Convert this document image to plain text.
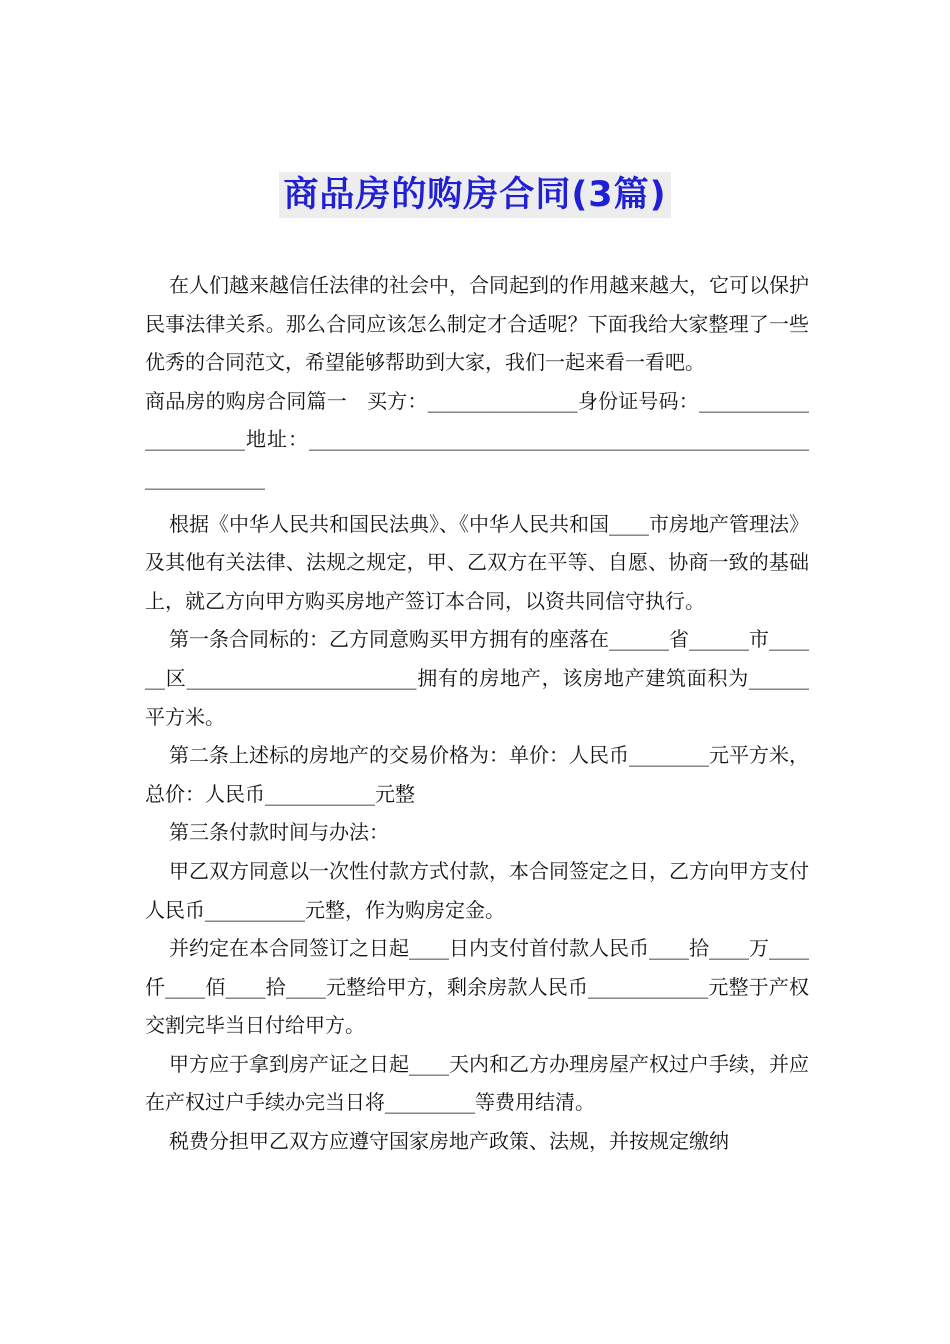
商品房的购房合同(3篇)

在人们越来越信任法律的社会中，合同起到的作用越来越大，它可以保护民事法律关系。那么合同应该怎么制定才合适呢？下面我给大家整理了一些优秀的合同范文，希望能够帮助到大家，我们一起来看一看吧。

商品房的购房合同篇一　买方：_______________身份证号码：_____________________地址：______________________________________________________________

根据《中华人民共和国民法典》、《中华人民共和国____市房地产管理法》及其他有关法律、法规之规定，甲、乙双方在平等、自愿、协商一致的基础上，就乙方向甲方购买房地产签订本合同，以资共同信守执行。

第一条合同标的：乙方同意购买甲方拥有的座落在______省______市______区_______________________拥有的房地产，该房地产建筑面积为______平方米。

第二条上述标的房地产的交易价格为：单价：人民币________元平方米，总价：人民币___________元整

第三条付款时间与办法：

甲乙双方同意以一次性付款方式付款，本合同签定之日，乙方向甲方支付人民币__________元整，作为购房定金。

并约定在本合同签订之日起____日内支付首付款人民币____拾____万____仟____佰____拾____元整给甲方，剩余房款人民币____________元整于产权交割完毕当日付给甲方。

甲方应于拿到房产证之日起____天内和乙方办理房屋产权过户手续，并应在产权过户手续办完当日将_________等费用结清。

税费分担甲乙双方应遵守国家房地产政策、法规，并按规定缴纳
